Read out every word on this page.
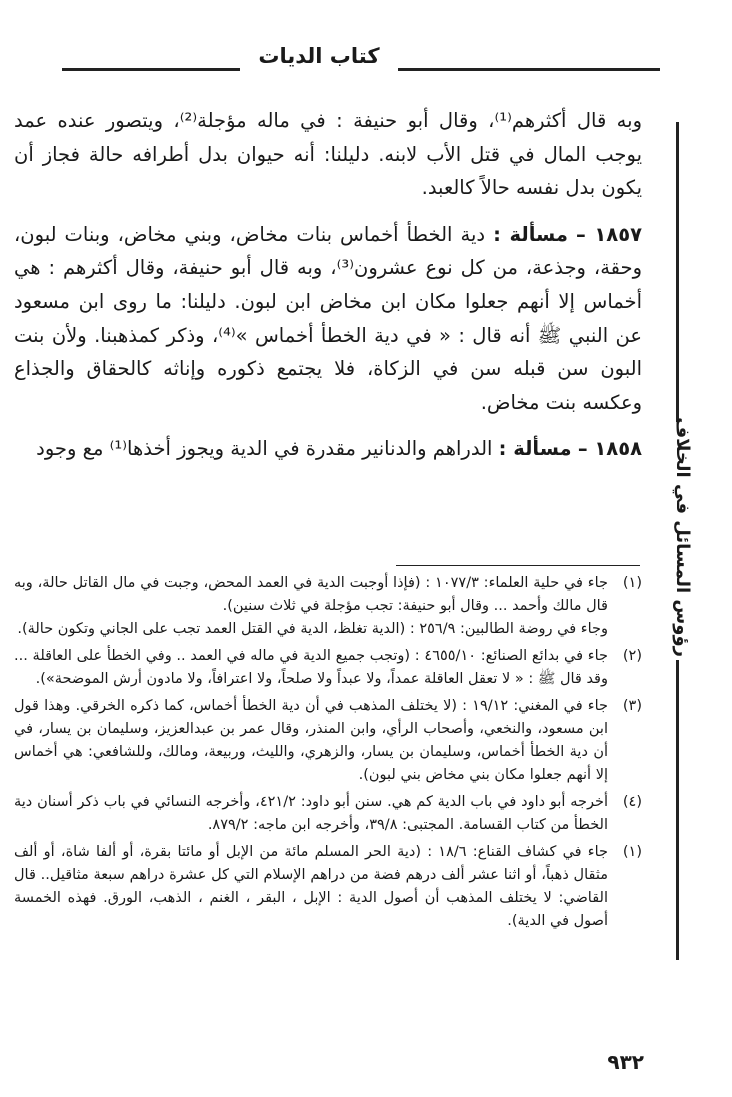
كتاب الديات
رؤوس المسائل في الخلاف

وبه قال أكثرهم⁽¹⁾، وقال أبو حنيفة : في ماله مؤجلة⁽²⁾، ويتصور عنده عمد يوجب المال في قتل الأب لابنه. دليلنا: أنه حيوان بدل أطرافه حالة فجاز أن يكون بدل نفسه حالاً كالعبد.

١٨٥٧ – مسألة : دية الخطأ أخماس بنات مخاض، وبني مخاض، وبنات لبون، وحقة، وجذعة، من كل نوع عشرون⁽³⁾، وبه قال أبو حنيفة، وقال أكثرهم : هي أخماس إلا أنهم جعلوا مكان ابن مخاض ابن لبون. دليلنا: ما روى ابن مسعود عن النبي ﷺ أنه قال : « في دية الخطأ أخماس »⁽⁴⁾، وذكر كمذهبنا. ولأن بنت البون سن قبله سن في الزكاة، فلا يجتمع ذكوره وإناثه كالحقاق والجذاع وعكسه بنت مخاض.

١٨٥٨ – مسألة : الدراهم والدنانير مقدرة في الدية ويجوز أخذها⁽¹⁾ مع وجود

(١)
جاء في حلية العلماء: ١٠٧٧/٣ : (فإذا أوجبت الدية في العمد المحض، وجبت في مال القاتل حالة، وبه قال مالك وأحمد ... وقال أبو حنيفة: تجب مؤجلة في ثلاث سنين).
وجاء في روضة الطالبين: ٢٥٦/٩ : (الدية تغلظ، الدية في القتل العمد تجب على الجاني وتكون حالة).
(٢)
جاء في بدائع الصنائع: ٤٦٥٥/١٠ : (وتجب جميع الدية في ماله في العمد .. وفي الخطأ على العاقلة ... وقد قال ﷺ : « لا تعقل العاقلة عمداً، ولا عبداً ولا صلحاً، ولا اعترافاً، ولا مادون أرش الموضحة»).
(٣)
جاء في المغني: ١٩/١٢ : (لا يختلف المذهب في أن دية الخطأ أخماس، كما ذكره الخرقي. وهذا قول ابن مسعود، والنخعي، وأصحاب الرأي، وابن المنذر، وقال عمر بن عبدالعزيز، وسليمان بن يسار، في أن دية الخطأ أخماس، وسليمان بن يسار، والزهري، والليث، وربيعة، ومالك، وللشافعي: هي أخماس إلا أنهم جعلوا مكان بني مخاض بني لبون).
(٤)
أخرجه أبو داود في باب الدية كم هي. سنن أبو داود: ٤٢١/٢، وأخرجه النسائي في باب ذكر أسنان دية الخطأ من كتاب القسامة. المجتبى: ٣٩/٨، وأخرجه ابن ماجه: ٨٧٩/٢.
(١)
جاء في كشاف القناع: ١٨/٦ : (دية الحر المسلم مائة من الإبل أو مائتا بقرة، أو ألفا شاة، أو ألف مثقال ذهباً، أو اثنا عشر ألف درهم فضة من دراهم الإسلام التي كل عشرة دراهم سبعة مثاقيل.. قال القاضي: لا يختلف المذهب أن أصول الدية : الإبل ، البقر ، الغنم ، الذهب، الورق. فهذه الخمسة أصول في الدية).
٩٣٢
